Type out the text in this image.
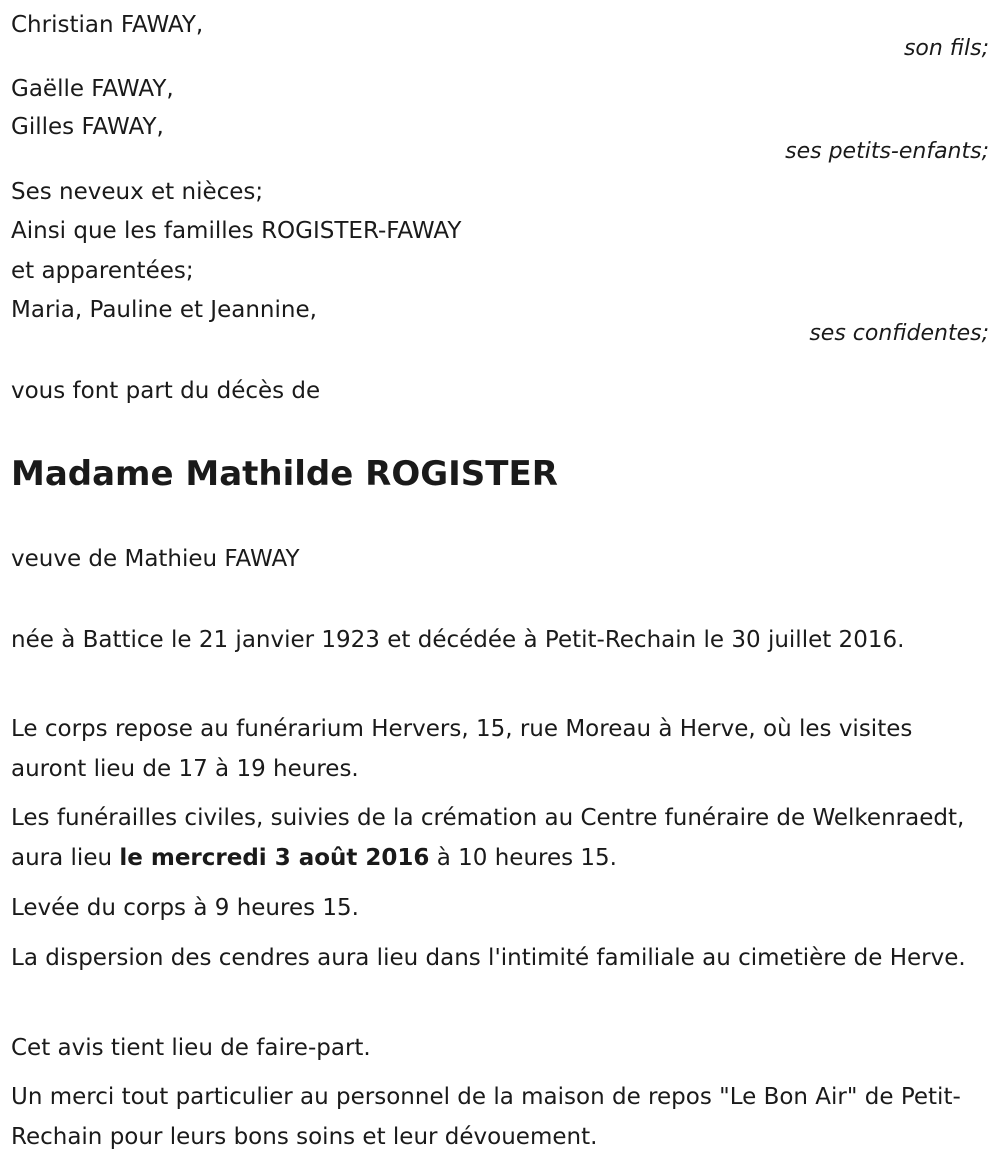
Christian FAWAY,
son fils;
Gaëlle FAWAY,
Gilles FAWAY,
ses petits-enfants;
Ses neveux et nièces;
Ainsi que les familles ROGISTER-FAWAY
et apparentées;
Maria, Pauline et Jeannine,
ses confidentes;
vous font part du décès de
Madame Mathilde ROGISTER
veuve de Mathieu FAWAY
née à Battice le 21 janvier 1923 et décédée à Petit-Rechain le 30 juillet 2016.
Le corps repose au funérarium Hervers, 15, rue Moreau à Herve, où les visites auront lieu de 17 à 19 heures.
Les funérailles civiles, suivies de la crémation au Centre funéraire de Welkenraedt, aura lieu le mercredi 3 août 2016 à 10 heures 15.
Levée du corps à 9 heures 15.
La dispersion des cendres aura lieu dans l'intimité familiale au cimetière de Herve.
Cet avis tient lieu de faire-part.
Un merci tout particulier au personnel de la maison de repos "Le Bon Air" de Petit-Rechain pour leurs bons soins et leur dévouement.
